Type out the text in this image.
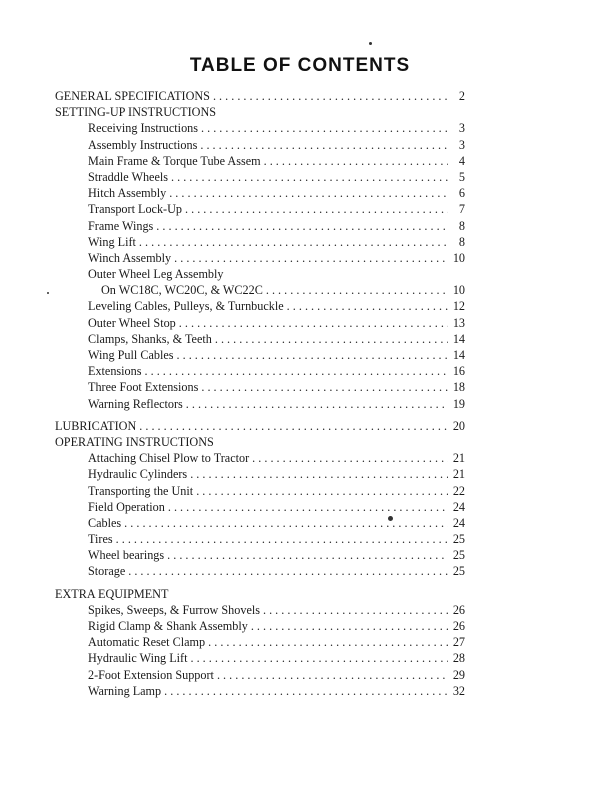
TABLE OF CONTENTS
GENERAL SPECIFICATIONS . . .	2
SETTING-UP INSTRUCTIONS
Receiving Instructions . . .	3
Assembly Instructions . . .	3
Main Frame & Torque Tube Assem . . .	4
Straddle Wheels . . .	5
Hitch Assembly . . .	6
Transport Lock-Up . . .	7
Frame Wings . . .	8
Wing Lift . . .	8
Winch Assembly . . .	10
Outer Wheel Leg Assembly
On WC18C, WC20C, & WC22C . . .	10
Leveling Cables, Pulleys, & Turnbuckle . . .	12
Outer Wheel Stop . . .	13
Clamps, Shanks, & Teeth . . .	14
Wing Pull Cables . . .	14
Extensions . . .	16
Three Foot Extensions . . .	18
Warning Reflectors . . .	19
LUBRICATION . . .	20
OPERATING INSTRUCTIONS
Attaching Chisel Plow to Tractor . . .	21
Hydraulic Cylinders . . .	21
Transporting the Unit . . .	22
Field Operation . . .	24
Cables . . .	24
Tires . . .	25
Wheel bearings . . .	25
Storage . . .	25
EXTRA EQUIPMENT
Spikes, Sweeps, & Furrow Shovels . . .	26
Rigid Clamp & Shank Assembly . . .	26
Automatic Reset Clamp . . .	27
Hydraulic Wing Lift . . .	28
2-Foot Extension Support . . .	29
Warning Lamp . . .	32
